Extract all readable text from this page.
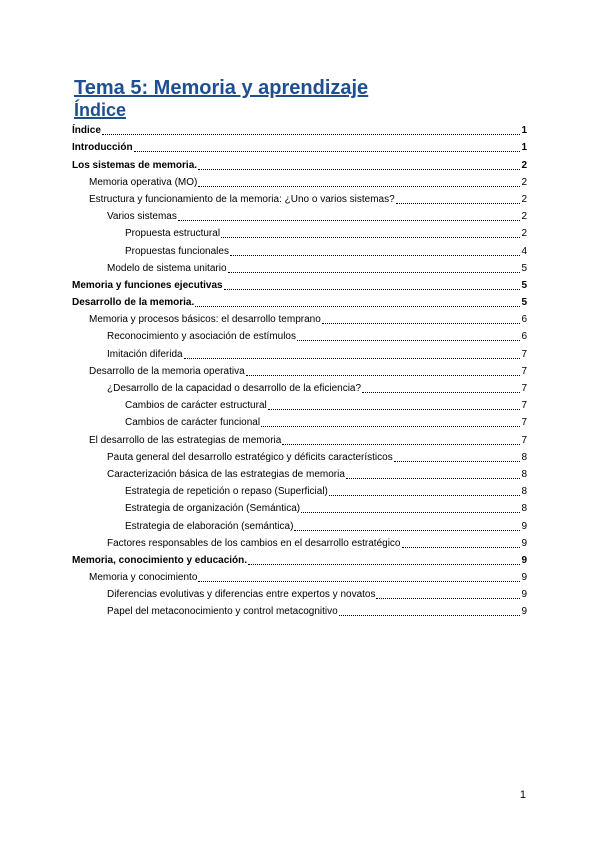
Tema 5: Memoria y aprendizaje
Índice
Índice	1
Introducción	1
Los sistemas de memoria.	2
Memoria operativa (MO)	2
Estructura y funcionamiento de la memoria: ¿Uno o varios sistemas?	2
Varios sistemas	2
Propuesta estructural	2
Propuestas funcionales	4
Modelo de sistema unitario	5
Memoria y funciones ejecutivas	5
Desarrollo de la memoria.	5
Memoria y procesos básicos: el desarrollo temprano	6
Reconocimiento y asociación de estímulos	6
Imitación diferida	7
Desarrollo de la memoria operativa	7
¿Desarrollo de la capacidad o desarrollo de la eficiencia?	7
Cambios de carácter estructural	7
Cambios de carácter funcional	7
El desarrollo de las estrategias de memoria	7
Pauta general del desarrollo estratégico y déficits característicos	8
Caracterización básica de las estrategias de memoria	8
Estrategia de repetición o repaso (Superficial)	8
Estrategia de organización (Semántica)	8
Estrategia de elaboración (semántica)	9
Factores responsables de los cambios en el desarrollo estratégico	9
Memoria, conocimiento y educación.	9
Memoria y conocimiento	9
Diferencias evolutivas y diferencias entre expertos y novatos	9
Papel del metaconocimiento y control metacognitivo	9
1
